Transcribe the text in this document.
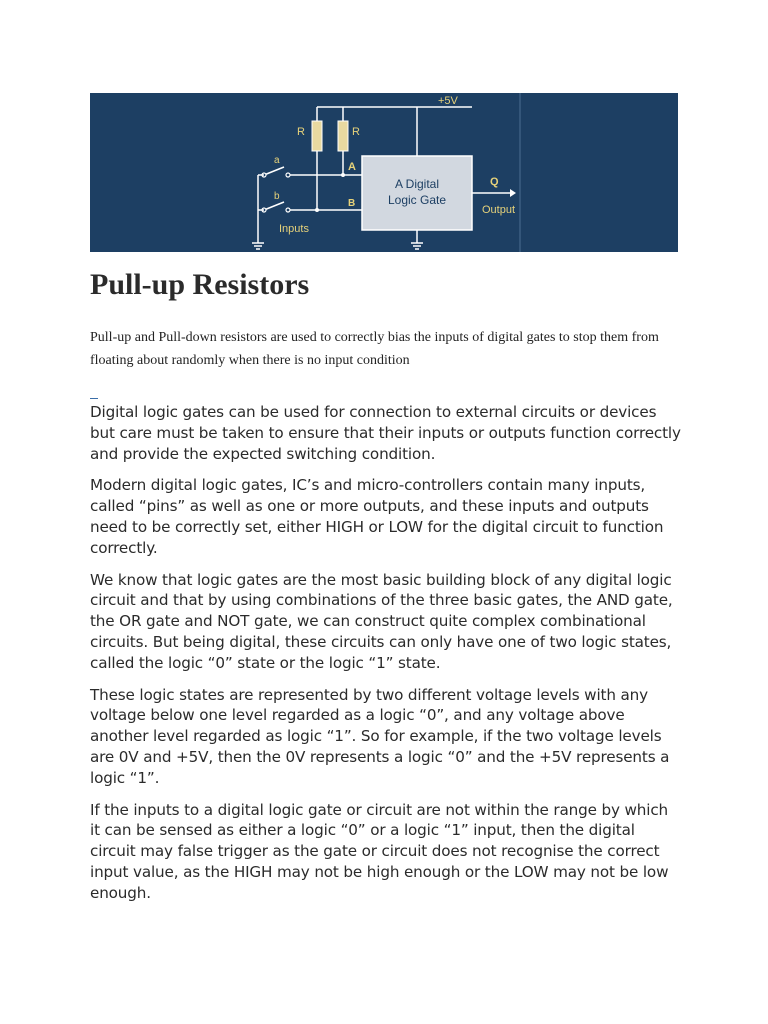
+5V
R	R
A
a
b
B
Inputs
A Digital
Logic Gate
Q
Output
Pull-up Resistors

Pull-up and Pull-down resistors are used to correctly bias the inputs of digital gates to stop them from floating about randomly when there is no input condition

Digital logic gates can be used for connection to external circuits or devices but care must be taken to ensure that their inputs or outputs function correctly and provide the expected switching condition.

Modern digital logic gates, IC’s and micro-controllers contain many inputs, called “pins” as well as one or more outputs, and these inputs and outputs need to be correctly set, either HIGH or LOW for the digital circuit to function correctly.

We know that logic gates are the most basic building block of any digital logic circuit and that by using combinations of the three basic gates, the AND gate, the OR gate and NOT gate, we can construct quite complex combinational circuits. But being digital, these circuits can only have one of two logic states, called the logic “0” state or the logic “1” state.

These logic states are represented by two different voltage levels with any voltage below one level regarded as a logic “0”, and any voltage above another level regarded as logic “1”. So for example, if the two voltage levels are 0V and +5V, then the 0V represents a logic “0” and the +5V represents a logic “1”.

If the inputs to a digital logic gate or circuit are not within the range by which it can be sensed as either a logic “0” or a logic “1” input, then the digital circuit may false trigger as the gate or circuit does not recognise the correct input value, as the HIGH may not be high enough or the LOW may not be low enough.
